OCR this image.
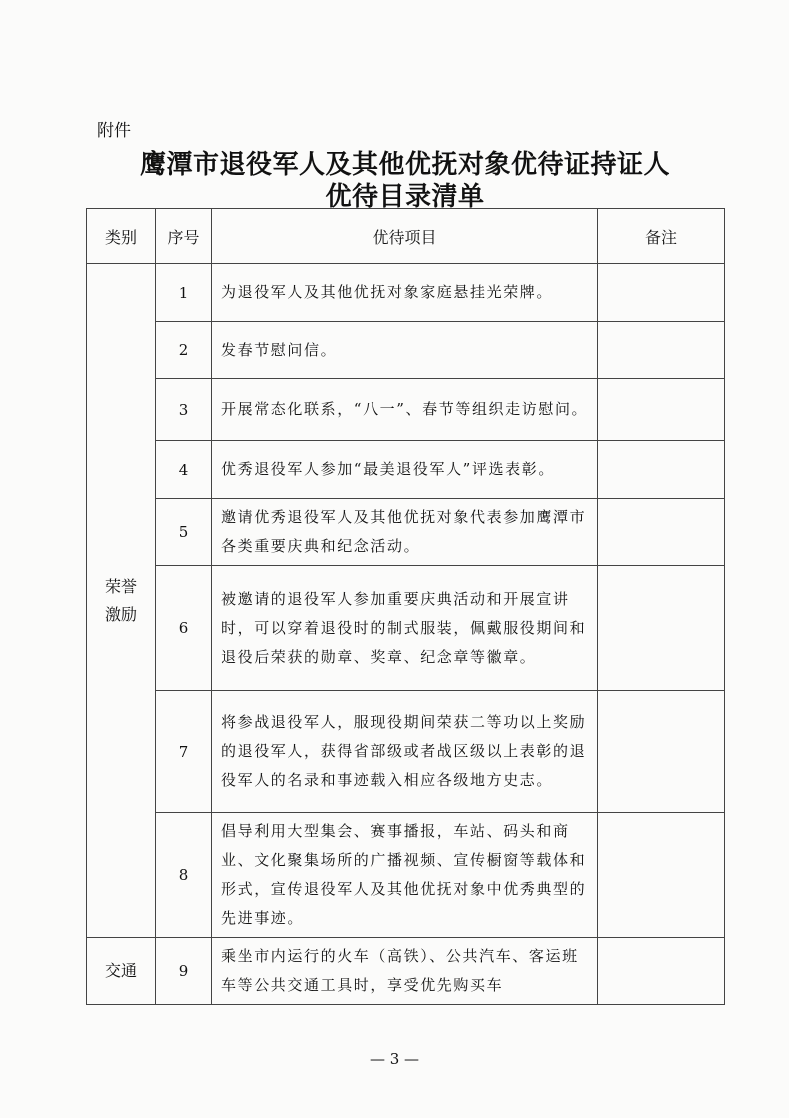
附件
鹰潭市退役军人及其他优抚对象优待证持证人
优待目录清单
类别	序号	优待项目	备注
荣誉
激励	1	为退役军人及其他优抚对象家庭悬挂光荣牌。	
	2	发春节慰问信。	
	3	开展常态化联系，“八一”、春节等组织走访慰问。	
	4	优秀退役军人参加“最美退役军人”评选表彰。	
	5	邀请优秀退役军人及其他优抚对象代表参加鹰潭市各类重要庆典和纪念活动。	
	6	被邀请的退役军人参加重要庆典活动和开展宣讲时，可以穿着退役时的制式服装，佩戴服役期间和退役后荣获的勋章、奖章、纪念章等徽章。	
	7	将参战退役军人，服现役期间荣获二等功以上奖励的退役军人，获得省部级或者战区级以上表彰的退役军人的名录和事迹载入相应各级地方史志。	
	8	倡导利用大型集会、赛事播报，车站、码头和商业、文化聚集场所的广播视频、宣传橱窗等载体和形式，宣传退役军人及其他优抚对象中优秀典型的先进事迹。	
交通	9	乘坐市内运行的火车（高铁）、公共汽车、客运班车等公共交通工具时，享受优先购买车	
— 3 —
